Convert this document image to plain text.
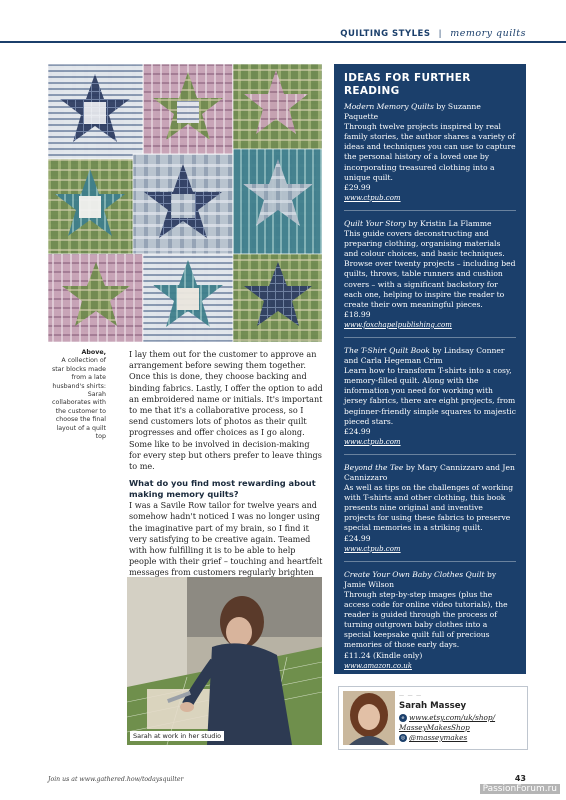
QUILTING STYLES | memory quilts
Above,
A collection of star blocks made from a late husband's shirts: Sarah collaborates with the customer to choose the final layout of a quilt top

I lay them out for the customer to approve an arrangement before sewing them together. Once this is done, they choose backing and binding fabrics. Lastly, I offer the option to add an embroidered name or initials. It's important to me that it's a collaborative process, so I send customers lots of photos as their quilt progresses and offer choices as I go along. Some like to be involved in decision-making for every step but others prefer to leave things to me.

What do you find most rewarding about making memory quilts?

I was a Savile Row tailor for twelve years and somehow hadn't noticed I was no longer using the imaginative part of my brain, so I find it very satisfying to be creative again. Teamed with how fulfilling it is to be able to help people with their grief – touching and heartfelt messages from customers regularly brighten

Sarah at work in her studio
IDEAS FOR FURTHER READING
Modern Memory Quilts by Suzanne Paquette
Through twelve projects inspired by real family stories, the author shares a variety of ideas and techniques you can use to capture the personal history of a loved one by incorporating treasured clothing into a unique quilt.
£29.99
www.ctpub.com
Quilt Your Story by Kristin La Flamme
This guide covers deconstructing and preparing clothing, organising materials and colour choices, and basic techniques. Browse over twenty projects – including bed quilts, throws, table runners and cushion covers – with a significant backstory for each one, helping to inspire the reader to create their own meaningful pieces.
£18.99
www.foxchapelpublishing.com
The T-Shirt Quilt Book by Lindsay Conner and Carla Hegeman Crim
Learn how to transform T-shirts into a cosy, memory-filled quilt. Along with the information you need for working with jersey fabrics, there are eight projects, from beginner-friendly simple squares to majestic pieced stars.
£24.99
www.ctpub.com
Beyond the Tee by Mary Cannizzaro and Jen Cannizzaro
As well as tips on the challenges of working with T-shirts and other clothing, this book presents nine original and inventive projects for using these fabrics to preserve special memories in a striking quilt.
£24.99
www.ctpub.com
Create Your Own Baby Clothes Quilt by Jamie Wilson
Through step-by-step images (plus the access code for online video tutorials), the reader is guided through the process of turning outgrown baby clothes into a special keepsake quilt full of precious memories of those early days.
£11.24 (Kindle only)
www.amazon.co.uk
— — —
Sarah Massey
e www.etsy.com/uk/shop/
MasseyMakesShop
◎ @masseymakes
Join us at www.gathered.how/todaysquilter	43
PassionForum.ru
